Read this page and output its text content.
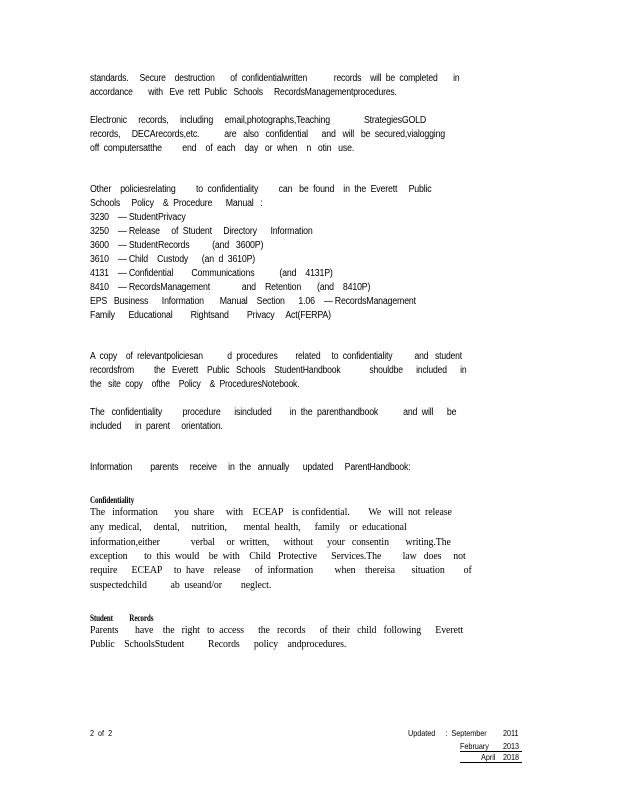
standards.     Secure    destruction       of  confidentialwritten            records    will  be  completed       in
accordance       with   Eve  rett  Public   Schools     RecordsManagementprocedures.
Electronic     records,     including     email,photographs,Teaching               StrategiesGOLD
records,     DECArecords,etc.           are   also   confidential      and   will   be  secured,vialogging
off  computersatthe         end    of  each    day   or  when    n   otin   use.
Other    policiesrelating         to  confidentiality         can   be  found    in  the  Everett     Public
Schools     Policy    &  Procedure      Manual   :
3230    — StudentPrivacy
3250    — Release     of  Student     Directory      Information
3600    — StudentRecords          (and   3600P)
3610    — Child    Custody      (an  d  3610P)
4131    — Confidential        Communications           (and    4131P)
8410    — RecordsManagement              and    Retention       (and    8410P)
EPS   Business      Information       Manual    Section      1.06    — RecordsManagement
Family      Educational        Rightsand        Privacy     Act(FERPA)
A  copy    of  relevantpoliciesan           d  procedures        related     to  confidentiality          and   student
recordsfrom         the   Everett    Public   Schools    StudentHandbook             shouldbe      included      in
the   site  copy    ofthe    Policy    &  ProceduresNotebook.
The   confidentiality         procedure      isincluded        in  the  parenthandbook           and  will      be
included      in  parent     orientation.
Information        parents     receive     in  the   annually      updated     ParentHandbook:
Confidentiality
The   information       you  share     with    ECEAP    is confidential.        We   will  not  release
any  medical,     dental,     nutrition,       mental  health,      family    or  educational
information,either             verbal     or  written,      without      your   consentin       writing.The
exception       to  this  would    be  with    Child   Protective      Services.The         law   does     not
require      ECEAP     to  have    release      of  information         when    thereisa       situation        of
suspectedchild          ab  useand/or        neglect.
Student          Records
Parents       have    the   right   to  access      the   records      of  their   child   following      Everett
Public    SchoolsStudent          Records      policy    andprocedures.
2  of  2	Updated     :  September 2011
February 2013
April 2018
